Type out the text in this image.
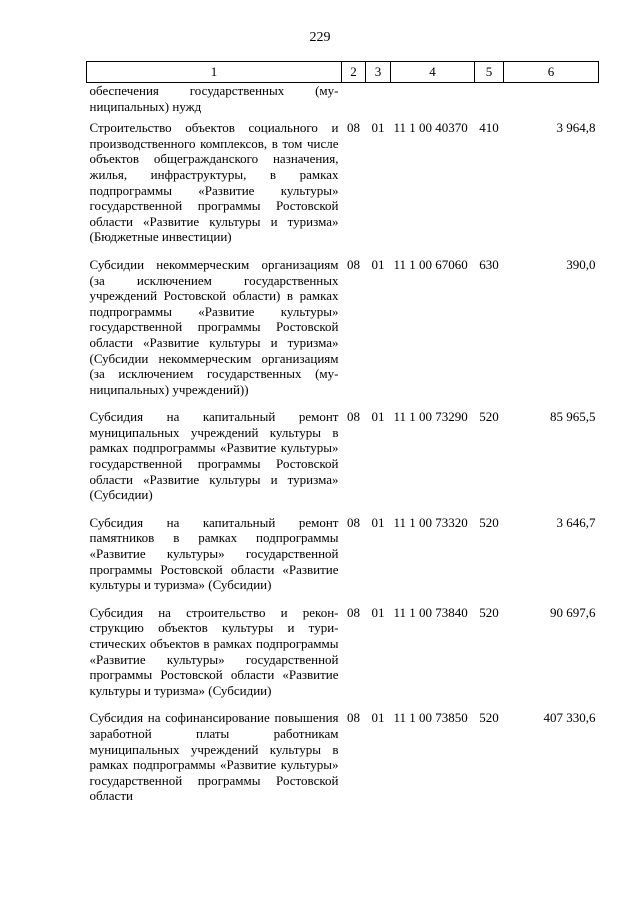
229
1	2	3	4	5	6
обеспечения государственных (муниципальных) нужд					
Строительство объектов социального и производственного комплексов, в том числе объектов общегражданского назначения, жилья, инфраструктуры, в рамках подпрограммы «Развитие культуры» государственной программы Ростовской области «Развитие культуры и туризма» (Бюджетные инвестиции)	08	01	11 1 00 40370	410	3 964,8
Субсидии некоммерческим организациям (за исключением государственных учреждений Ростовской области) в рамках подпрограммы «Развитие культуры» государственной программы Ростовской области «Развитие культуры и туризма» (Субсидии некоммерческим организациям (за исключением государственных (муниципальных) учреждений))	08	01	11 1 00 67060	630	390,0
Субсидия на капитальный ремонт муниципальных учреждений культуры в рамках подпрограммы «Развитие культуры» государственной программы Ростовской области «Развитие культуры и туризма» (Субсидии)	08	01	11 1 00 73290	520	85 965,5
Субсидия на капитальный ремонт памятников в рамках подпрограммы «Развитие культуры» государственной программы Ростовской области «Развитие культуры и туризма» (Субсидии)	08	01	11 1 00 73320	520	3 646,7
Субсидия на строительство и реконструкцию объектов культуры и туристических объектов в рамках подпрограммы «Развитие культуры» государственной программы Ростовской области «Развитие культуры и туризма» (Субсидии)	08	01	11 1 00 73840	520	90 697,6
Субсидия на софинансирование повышения заработной платы работникам муниципальных учреждений культуры в рамках подпрограммы «Развитие культуры» государственной программы Ростовской области	08	01	11 1 00 73850	520	407 330,6
